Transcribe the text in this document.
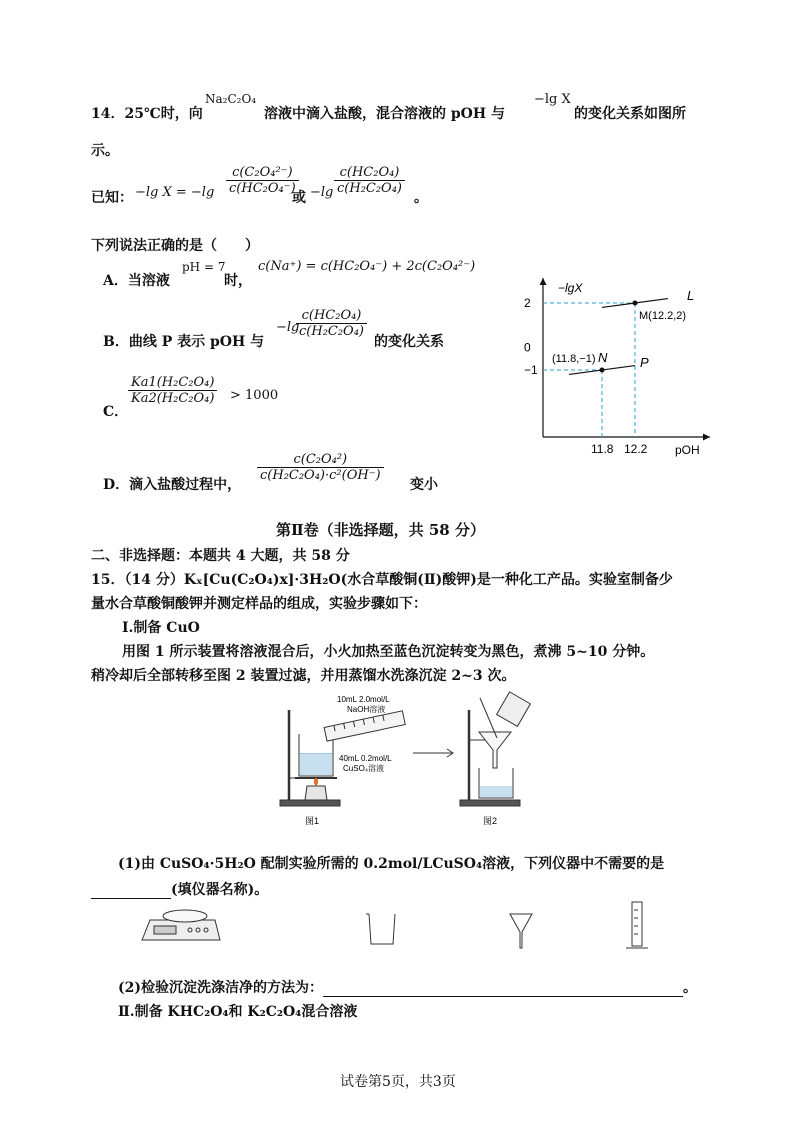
14．25℃时，向
Na₂C₂O₄
溶液中滴入盐酸，混合溶液的 pOH 与
−lg X
的变化关系如图所
示。
已知： −lg $X = -\lg \frac{\text{c(C₂O₄²⁻)}}{\text{c(HC₂O₄⁻)}}$
或 $-\lg \frac{\text{c(HC₂O₄)}}{\text{c(H₂C₂O₄)}}$
。
下列说法正确的是（　　）
A．当溶液
pH = 7
时，
c(Na⁺) = c(HC₂O₄⁻) + 2c(C₂O₄²⁻)
B．曲线 P 表示 pOH 与
−lg
$\frac{\text{c(HC₂O₄)}}{\text{c(H₂C₂O₄)}}$
的变化关系
C．
$\frac{\text{Ka1(H₂C₂O₄)}}{\text{Ka2(H₂C₂O₄)}} > 1000$
D．滴入盐酸过程中，
$\frac{\text{c(C₂O₄²)}}{\text{c(H₂C₂O₄)·c²(OH⁻)}}$
变小
−lgX
pOH
2
0
−1
11.8 12.2
L
P
M(12.2,2)
(11.8,−1) N
第Ⅱ卷（非选择题，共 58 分）
二、非选择题：本题共 4 大题，共 58 分
15．（14 分）Kₓ[Cu(C₂O₄)x]·3H₂O(水合草酸铜(Ⅱ)酸钾)是一种化工产品。实验室制备少
量水合草酸铜酸钾并测定样品的组成，实验步骤如下：
Ⅰ.制备 CuO
用图 1 所示装置将溶液混合后，小火加热至蓝色沉淀转变为黑色，煮沸 5~10 分钟。
稍冷却后全部转移至图 2 装置过滤，并用蒸馏水洗涤沉淀 2~3 次。
10mL 2.0mol/L
NaOH溶液
40mL 0.2mol/L
CuSO₄溶液
图1	图2
(1)由 CuSO₄·5H₂O 配制实验所需的 0.2mol/LCuSO₄溶液，下列仪器中不需要的是
(填仪器名称)。
(2)检验沉淀洗涤洁净的方法为：	。
Ⅱ.制备 KHC₂O₄和 K₂C₂O₄混合溶液
试卷第5页，共3页
